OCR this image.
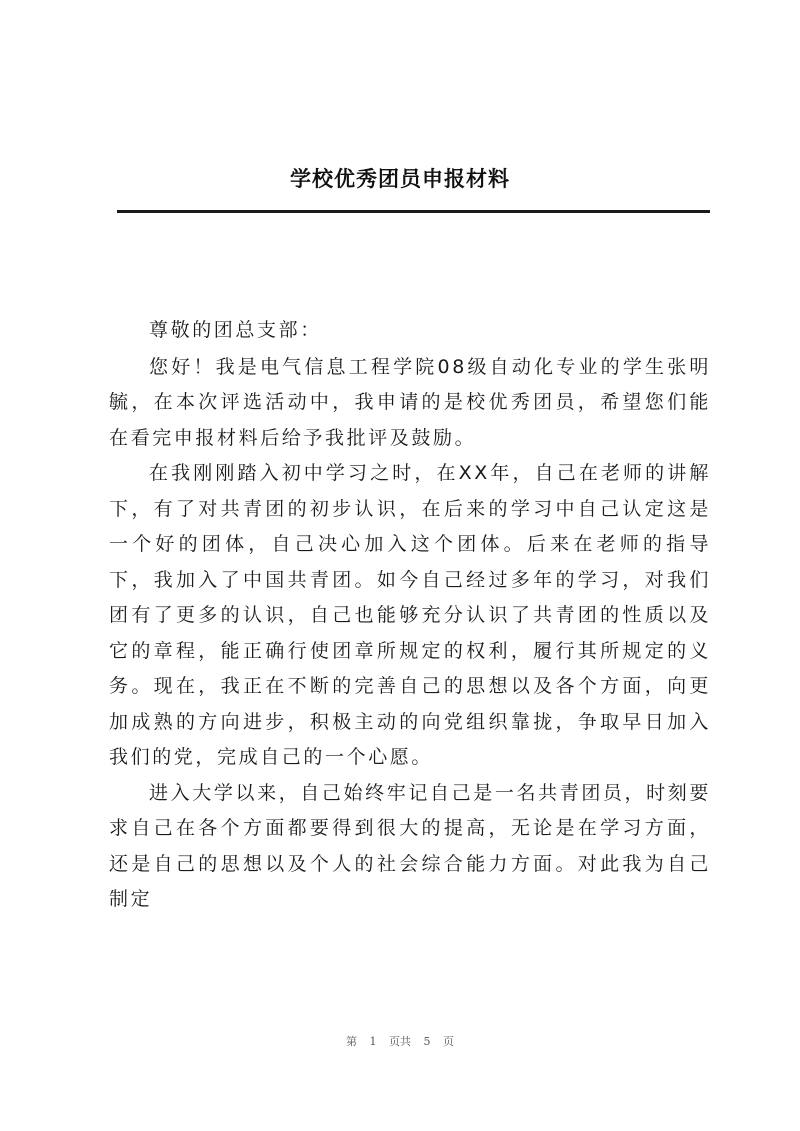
学校优秀团员申报材料

尊敬的团总支部：

您好！我是电气信息工程学院08级自动化专业的学生张明毓，在本次评选活动中，我申请的是校优秀团员，希望您们能在看完申报材料后给予我批评及鼓励。

在我刚刚踏入初中学习之时，在XX年，自己在老师的讲解下，有了对共青团的初步认识，在后来的学习中自己认定这是一个好的团体，自己决心加入这个团体。后来在老师的指导下，我加入了中国共青团。如今自己经过多年的学习，对我们团有了更多的认识，自己也能够充分认识了共青团的性质以及它的章程，能正确行使团章所规定的权利，履行其所规定的义务。现在，我正在不断的完善自己的思想以及各个方面，向更加成熟的方向进步，积极主动的向党组织靠拢，争取早日加入我们的党，完成自己的一个心愿。

进入大学以来，自己始终牢记自己是一名共青团员，时刻要求自己在各个方面都要得到很大的提高，无论是在学习方面，还是自己的思想以及个人的社会综合能力方面。对此我为自己制定

第 1 页共 5 页
